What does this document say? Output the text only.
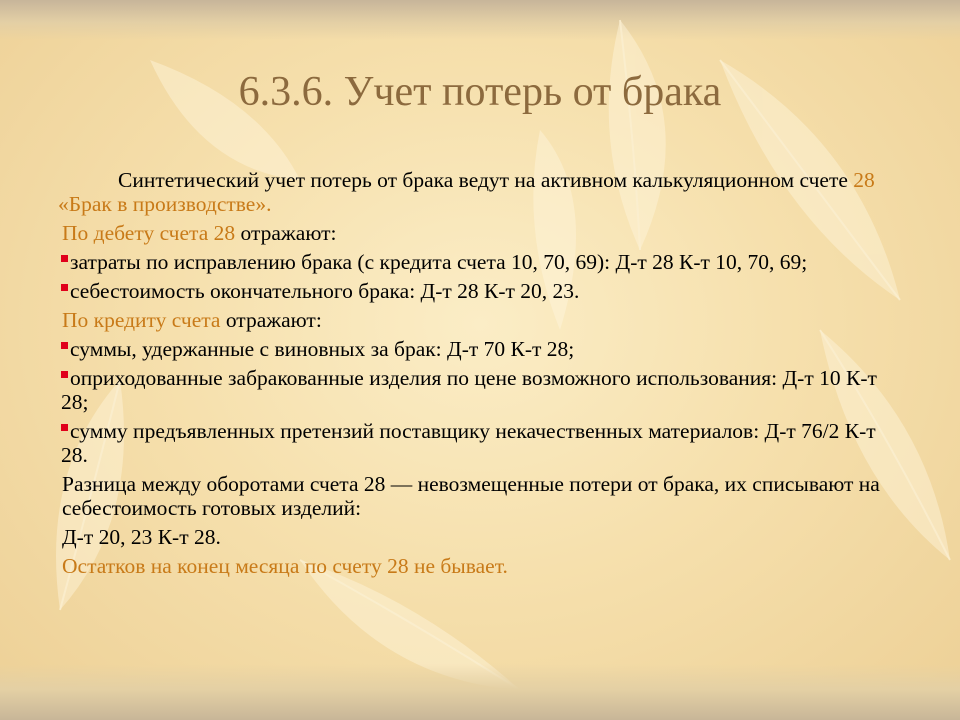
6.3.6. Учет потерь от брака
Синтетический учет потерь от брака ведут на активном калькуляционном счете 28 «Брак в производстве».
По дебету счета 28 отражают:
затраты по исправлению брака (с кредита счета 10, 70, 69): Д-т 28 К-т 10, 70, 69;
себестоимость окончательного брака: Д-т 28 К-т 20, 23.
По кредиту счета отражают:
суммы, удержанные с виновных за брак: Д-т 70 К-т 28;
оприходованные забракованные изделия по цене возможного использования: Д-т 10 К-т 28;
сумму предъявленных претензий поставщику некачественных материалов: Д-т 76/2 К-т 28.
Разница между оборотами счета 28 — невозмещенные потери от брака, их списывают на себестоимость готовых изделий:
Д-т 20, 23 К-т 28.
Остатков на конец месяца по счету 28 не бывает.
